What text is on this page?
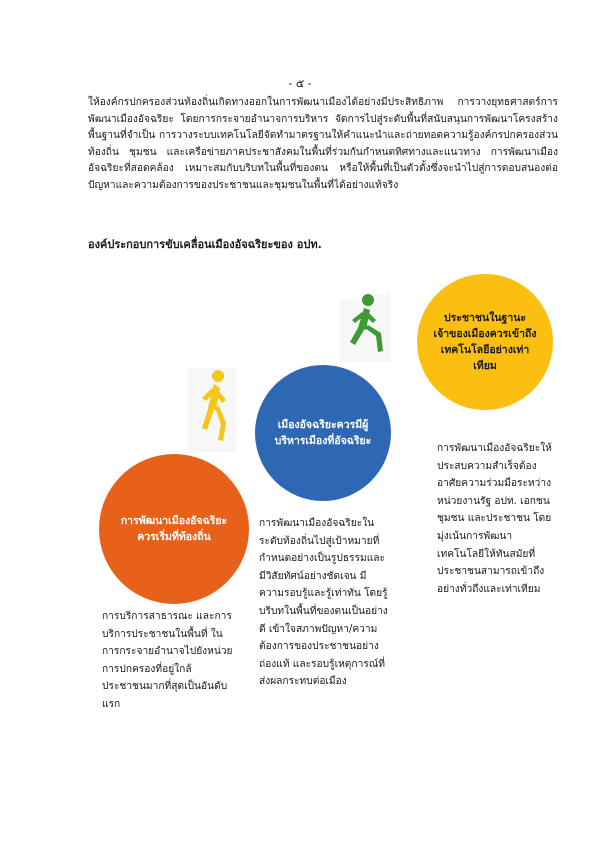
- ๕ -
ให้องค์กรปกครองส่วนท้องถิ่นเกิดทางออกในการพัฒนาเมืองได้อย่างมีประสิทธิภาพ การวางยุทธศาสตร์การพัฒนาเมืองอัจฉริยะ โดยการกระจายอำนาจการบริหาร จัดการไปสู่ระดับพื้นที่สนับสนุนการพัฒนาโครงสร้างพื้นฐานที่จำเป็น การวางระบบเทคโนโลยีจัดทำมาตรฐานให้คำแนะนำและถ่ายทอดความรู้องค์กรปกครองส่วนท้องถิ่น ชุมชน และเครือข่ายภาคประชาสังคมในพื้นที่ร่วมกันกำหนดทิศทางและแนวทาง การพัฒนาเมืองอัจฉริยะที่สอดคล้อง เหมาะสมกับบริบทในพื้นที่ของตน หรือให้พื้นที่เป็นตัวตั้งซึ่งจะนำไปสู่การตอบสนองต่อปัญหาและความต้องการของประชาชนและชุมชนในพื้นที่ได้อย่างแท้จริง
องค์ประกอบการขับเคลื่อนเมืองอัจฉริยะของ อปท.
การพัฒนาเมืองอัจฉริยะควรเริ่มที่ท้องถิ่น
เมืองอัจฉริยะควรมีผู้บริหารเมืองที่อัจฉริยะ
ประชาชนในฐานะเจ้าของเมืองควรเข้าถึงเทคโนโลยีอย่างเท่าเทียม
การบริการสาธารณะ และการบริการประชาชนในพื้นที่ ในการกระจายอำนาจไปยังหน่วยการปกครองที่อยู่ใกล้ประชาชนมากที่สุดเป็นอันดับแรก
การพัฒนาเมืองอัจฉริยะในระดับท้องถิ่นไปสู่เป้าหมายที่กำหนดอย่างเป็นรูปธรรมและมีวิสัยทัศน์อย่างชัดเจน มีความรอบรู้และรู้เท่าทัน โดยรู้บริบทในพื้นที่ของตนเป็นอย่างดี เข้าใจสภาพปัญหา/ความต้องการของประชาชนอย่างถ่องแท้ และรอบรู้เหตุการณ์ที่ส่งผลกระทบต่อเมือง
การพัฒนาเมืองอัจฉริยะให้ประสบความสำเร็จต้องอาศัยความร่วมมือระหว่างหน่วยงานรัฐ อปท. เอกชน ชุมชน และประชาชน โดยมุ่งเน้นการพัฒนาเทคโนโลยีให้ทันสมัยที่ประชาชนสามารถเข้าถึงอย่างทั่วถึงและเท่าเทียม
